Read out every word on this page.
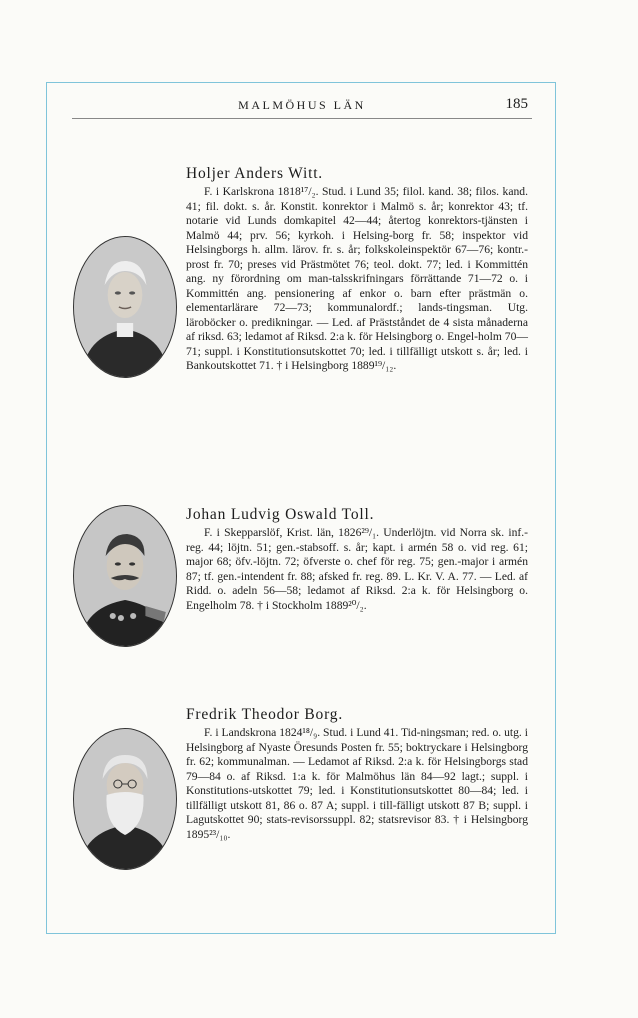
MALMÖHUS LÄN	185
Holjer Anders Witt.
F. i Karlskrona 1818¹⁷/₂. Stud. i Lund 35; filol. kand. 38; filos. kand. 41; fil. dokt. s. år. Konstit. konrektor i Malmö s. år; konrektor 43; tf. notarie vid Lunds domkapitel 42—44; återtog konrektors-tjänsten i Malmö 44; prv. 56; kyrkoh. i Helsing-borg fr. 58; inspektor vid Helsingborgs h. allm. lärov. fr. s. år; folkskoleinspektör 67—76; kontr.-prost fr. 70; preses vid Prästmötet 76; teol. dokt. 77; led. i Kommittén ang. ny förordning om man-talsskrifningars förrättande 71—72 o. i Kommittén ang. pensionering af enkor o. barn efter prästmän o. elementarlärare 72—73; kommunalordf.; lands-tingsman. Utg. läroböcker o. predikningar. — Led. af Prästståndet de 4 sista månaderna af riksd. 63; ledamot af Riksd. 2:a k. för Helsingborg o. Engel-holm 70—71; suppl. i Konstitutionsutskottet 70; led. i tillfälligt utskott s. år; led. i Bankoutskottet 71. † i Helsingborg 1889¹⁹/₁₂.
Johan Ludvig Oswald Toll.
F. i Skepparslöf, Krist. län, 1826²⁹/₁. Underlöjtn. vid Norra sk. inf.-reg. 44; löjtn. 51; gen.-stabsoff. s. år; kapt. i armén 58 o. vid reg. 61; major 68; öfv.-löjtn. 72; öfverste o. chef för reg. 75; gen.-major i armén 87; tf. gen.-intendent fr. 88; afsked fr. reg. 89. L. Kr. V. A. 77. — Led. af Ridd. o. adeln 56—58; ledamot af Riksd. 2:a k. för Helsingborg o. Engelholm 78. † i Stockholm 1889²⁰/₂.
Fredrik Theodor Borg.
F. i Landskrona 1824¹⁸/₉. Stud. i Lund 41. Tid-ningsman; red. o. utg. i Helsingborg af Nyaste Öresunds Posten fr. 55; boktryckare i Helsingborg fr. 62; kommunalman. — Ledamot af Riksd. 2:a k. för Helsingborgs stad 79—84 o. af Riksd. 1:a k. för Malmöhus län 84—92 lagt.; suppl. i Konstitutions-utskottet 79; led. i Konstitutionsutskottet 80—84; led. i tillfälligt utskott 81, 86 o. 87 A; suppl. i till-fälligt utskott 87 B; suppl. i Lagutskottet 90; stats-revisorssuppl. 82; statsrevisor 83. † i Helsingborg 1895²³/₁₀.
